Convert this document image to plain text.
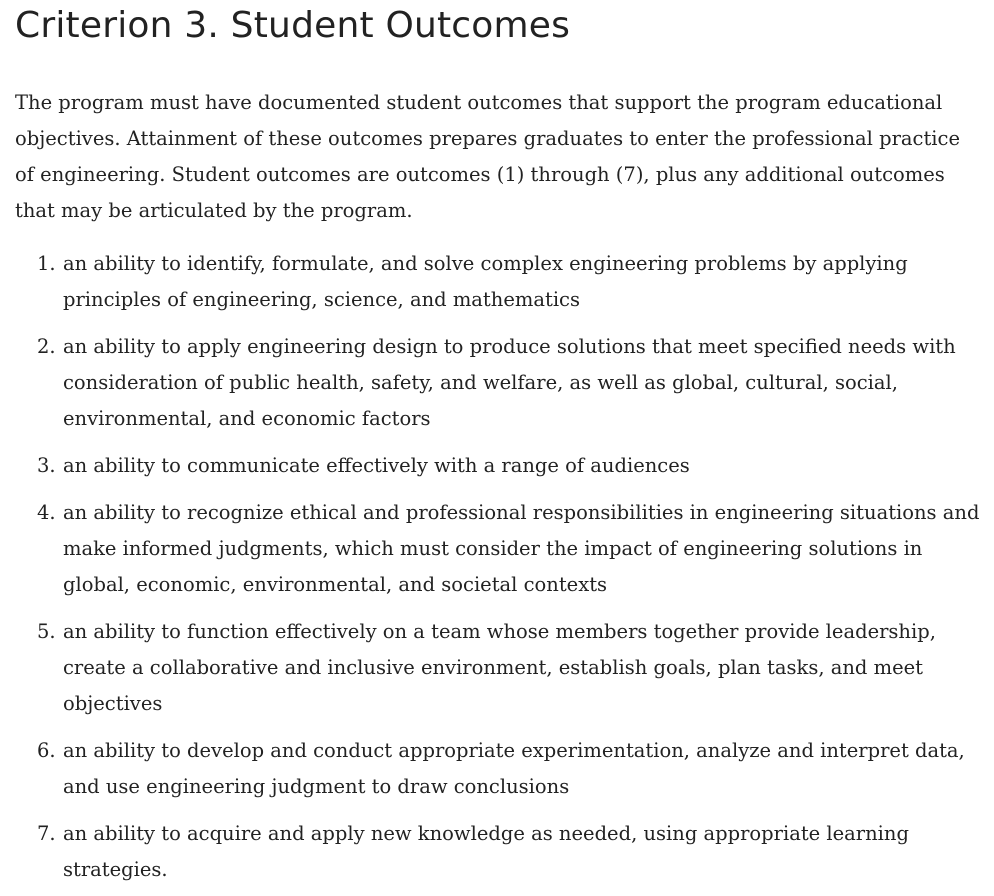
Criterion 3. Student Outcomes

The program must have documented student outcomes that support the program educational objectives. Attainment of these outcomes prepares graduates to enter the professional practice of engineering. Student outcomes are outcomes (1) through (7), plus any additional outcomes that may be articulated by the program.

1. an ability to identify, formulate, and solve complex engineering problems by applying principles of engineering, science, and mathematics
2. an ability to apply engineering design to produce solutions that meet specified needs with consideration of public health, safety, and welfare, as well as global, cultural, social, environmental, and economic factors
3. an ability to communicate effectively with a range of audiences
4. an ability to recognize ethical and professional responsibilities in engineering situations and make informed judgments, which must consider the impact of engineering solutions in global, economic, environmental, and societal contexts
5. an ability to function effectively on a team whose members together provide leadership, create a collaborative and inclusive environment, establish goals, plan tasks, and meet objectives
6. an ability to develop and conduct appropriate experimentation, analyze and interpret data, and use engineering judgment to draw conclusions
7. an ability to acquire and apply new knowledge as needed, using appropriate learning strategies.
